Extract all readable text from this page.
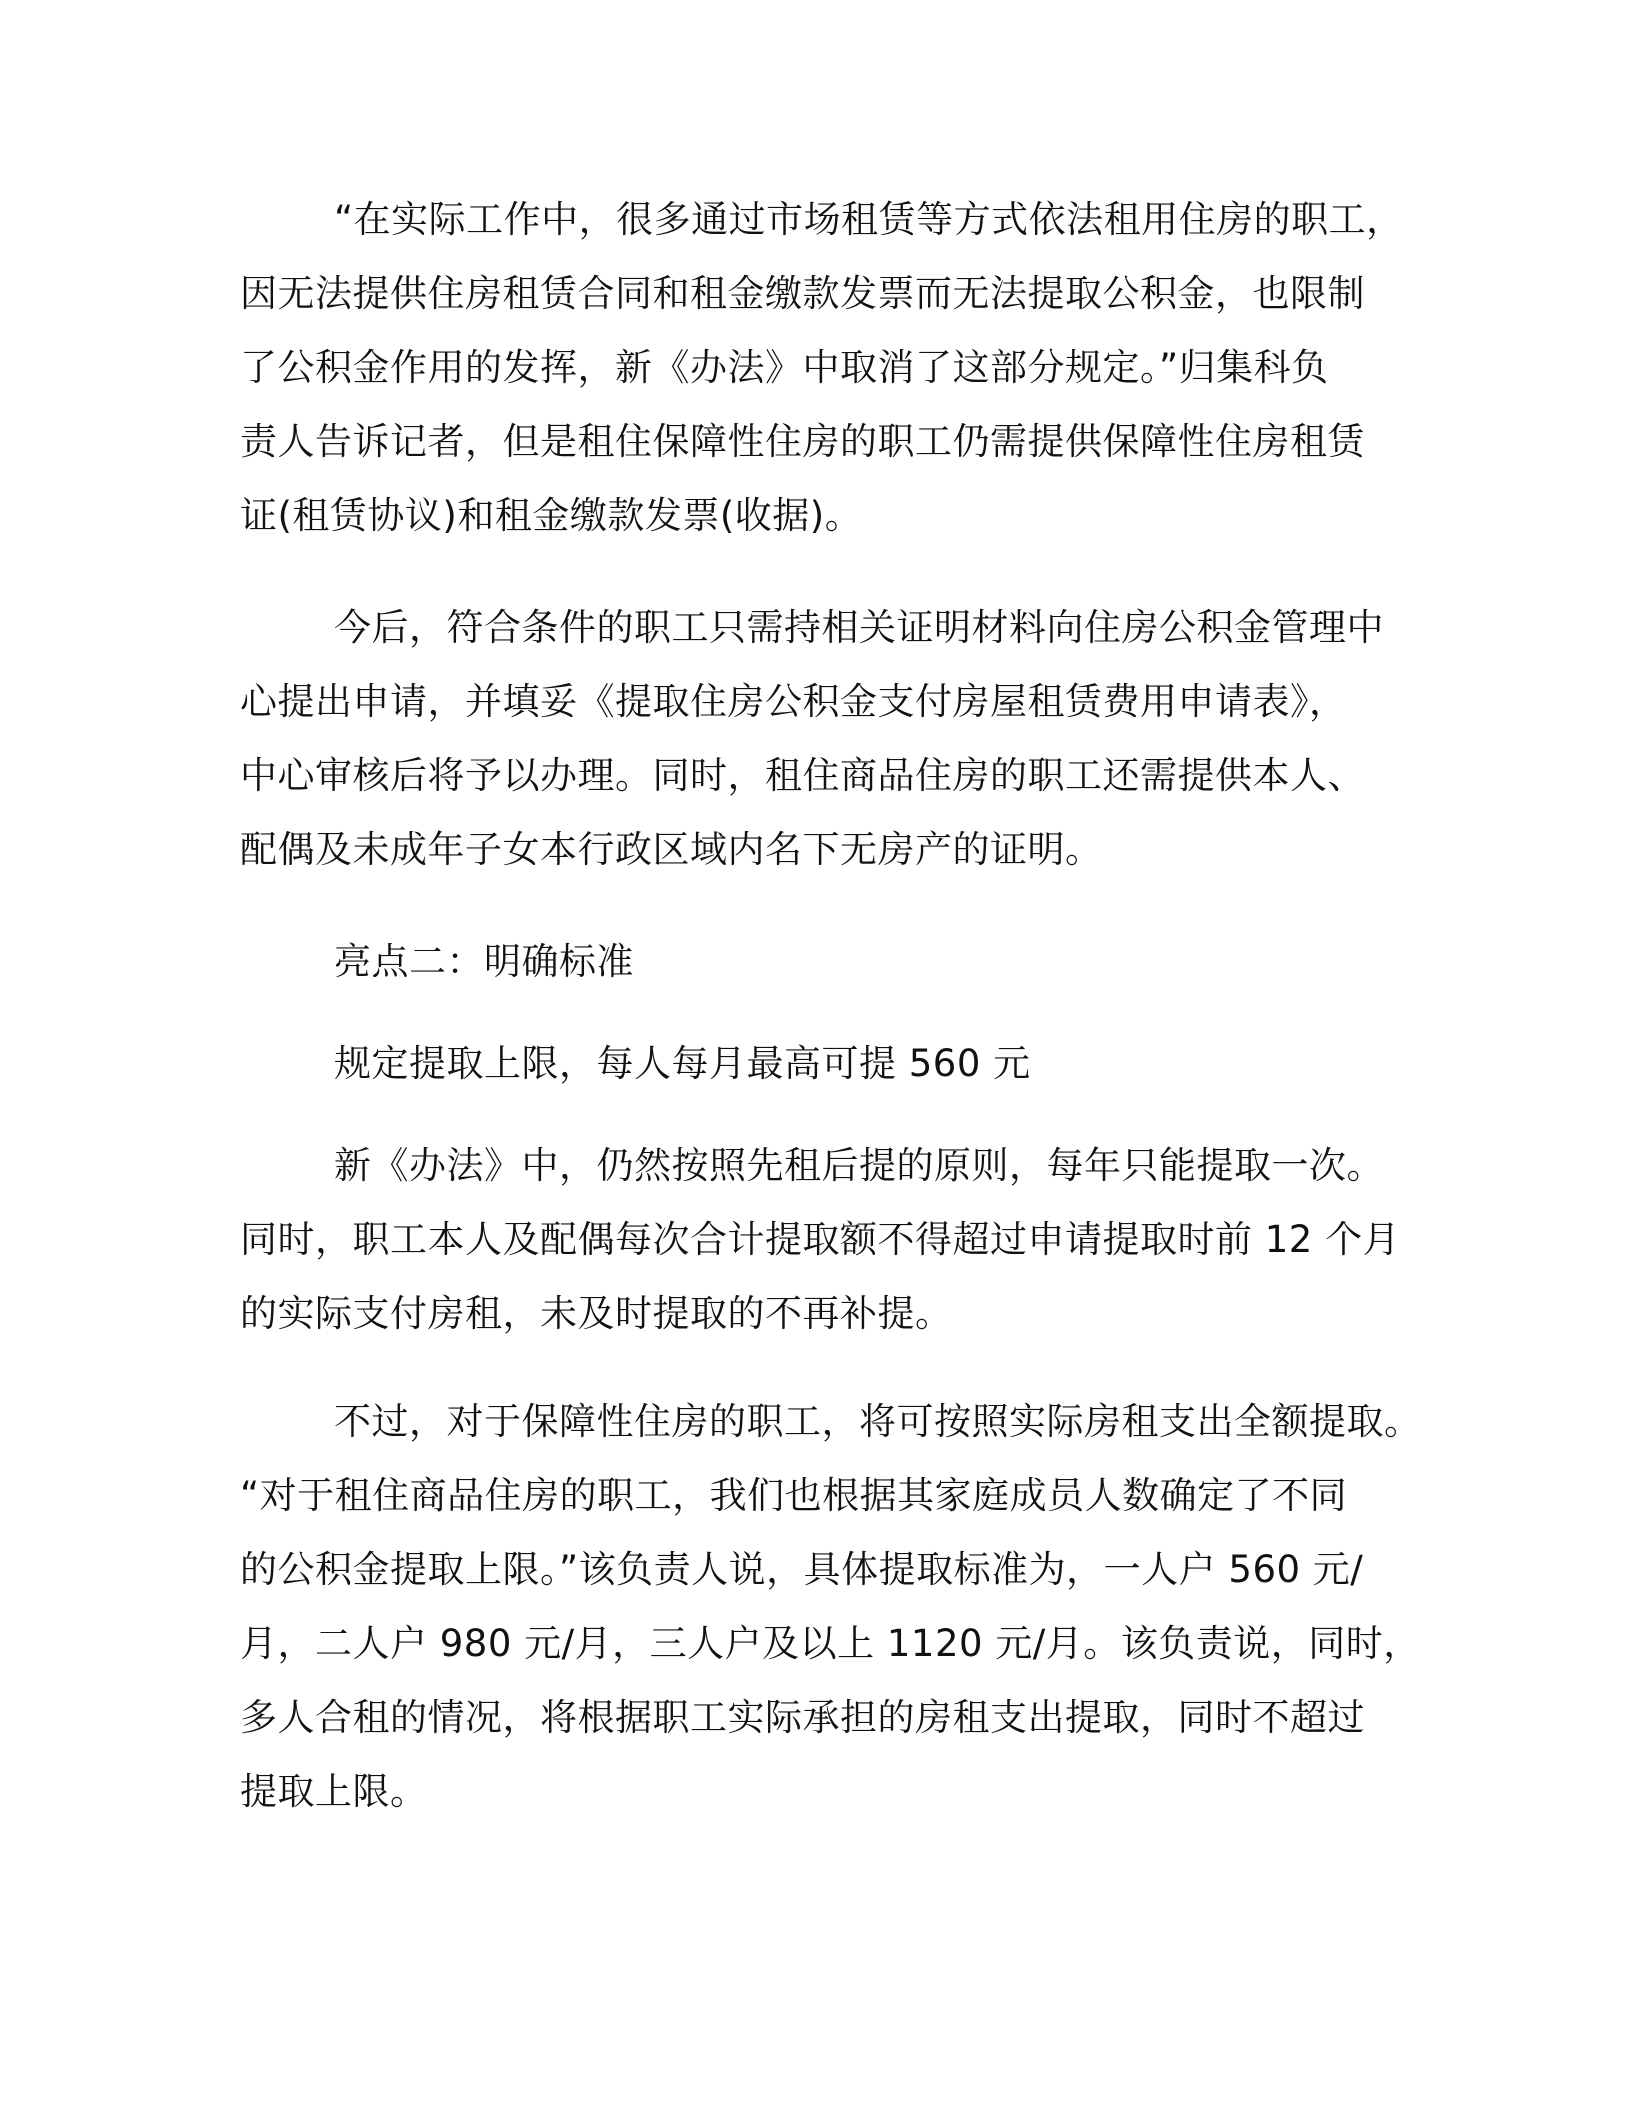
“在实际工作中，很多通过市场租赁等方式依法租用住房的职工，

因无法提供住房租赁合同和租金缴款发票而无法提取公积金，也限制

了公积金作用的发挥，新《办法》中取消了这部分规定。”归集科负

责人告诉记者，但是租住保障性住房的职工仍需提供保障性住房租赁

证(租赁协议)和租金缴款发票(收据)。

今后，符合条件的职工只需持相关证明材料向住房公积金管理中

心提出申请，并填妥《提取住房公积金支付房屋租赁费用申请表》，

中心审核后将予以办理。同时，租住商品住房的职工还需提供本人、

配偶及未成年子女本行政区域内名下无房产的证明。

亮点二：明确标准

规定提取上限，每人每月最高可提 560 元

新《办法》中，仍然按照先租后提的原则，每年只能提取一次。

同时，职工本人及配偶每次合计提取额不得超过申请提取时前 12 个月

的实际支付房租，未及时提取的不再补提。

不过，对于保障性住房的职工，将可按照实际房租支出全额提取。

“对于租住商品住房的职工，我们也根据其家庭成员人数确定了不同

的公积金提取上限。”该负责人说，具体提取标准为，一人户 560 元/

月，二人户 980 元/月，三人户及以上 1120 元/月。该负责说，同时，

多人合租的情况，将根据职工实际承担的房租支出提取，同时不超过

提取上限。
